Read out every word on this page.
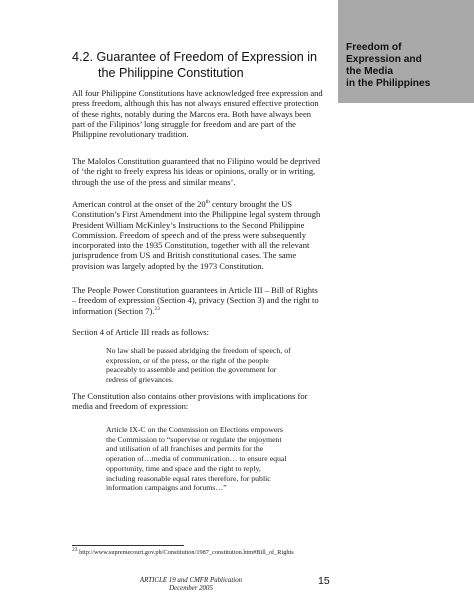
Freedom of
Expression and
the Media
in the Philippines
4.2. Guarantee of Freedom of Expression in
the Philippine Constitution

All four Philippine Constitutions have acknowledged free expression and
press freedom, although this has not always ensured effective protection
of these rights, notably during the Marcos era. Both have always been
part of the Filipinos’ long struggle for freedom and are part of the
Philippine revolutionary tradition.

The Malolos Constitution guaranteed that no Filipino would be deprived
of ‘the right to freely express his ideas or opinions, orally or in writing,
through the use of the press and similar means’.

American control at the onset of the 20th century brought the US
Constitution’s First Amendment into the Philippine legal system through
President William McKinley’s Instructions to the Second Philippine
Commission. Freedom of speech and of the press were subsequently
incorporated into the 1935 Constitution, together with all the relevant
jurisprudence from US and British constitutional cases. The same
provision was largely adopted by the 1973 Constitution.

The People Power Constitution guarantees in Article III – Bill of Rights
– freedom of expression (Section 4), privacy (Section 3) and the right to
information (Section 7).$^{23}$

Section 4 of Article III reads as follows:

No law shall be passed abridging the freedom of speech, of
expression, or of the press, or the right of the people
peaceably to assemble and petition the government for
redress of grievances.

The Constitution also contains other provisions with implications for
media and freedom of expression:

Article IX-C on the Commission on Elections empowers
the Commission to “supervise or regulate the enjoyment
and utilisation of all franchises and permits for the
operation of…media of communication… to ensure equal
opportunity, time and space and the right to reply,
including reasonable equal rates therefore, for public
information campaigns and forums…”

$^{23}$ http://www.supremecourt.gov.ph/Constitution/1987_constitution.htm#Bill_of_Rights
ARTICLE 19 and CMFR Publication
December 2005
15
